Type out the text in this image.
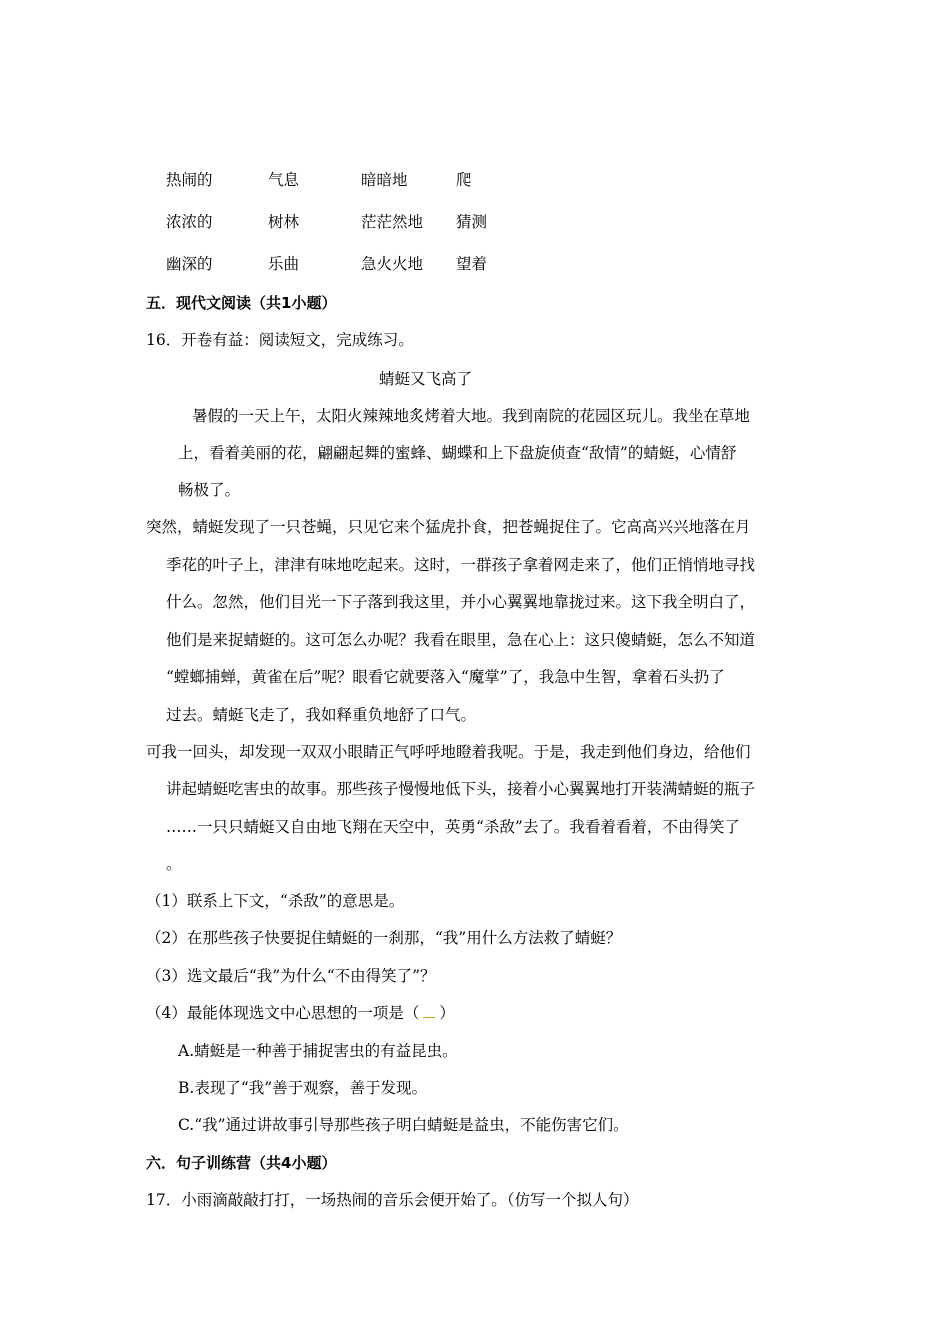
热闹的	气息	暗暗地	爬
浓浓的	树林	茫茫然地 猜测
幽深的	乐曲	急火火地 望着
五．现代文阅读（共1小题）
16．开卷有益：阅读短文，完成练习。
蜻蜓又飞高了
暑假的一天上午，太阳火辣辣地炙烤着大地。我到南院的花园区玩儿。我坐在草地
上，看着美丽的花，翩翩起舞的蜜蜂、蝴蝶和上下盘旋侦查“敌情”的蜻蜓，心情舒
畅极了。
突然，蜻蜓发现了一只苍蝇，只见它来个猛虎扑食，把苍蝇捉住了。它高高兴兴地落在月
季花的叶子上，津津有味地吃起来。这时，一群孩子拿着网走来了，他们正悄悄地寻找
什么。忽然，他们目光一下子落到我这里，并小心翼翼地靠拢过来。这下我全明白了，
他们是来捉蜻蜓的。这可怎么办呢？我看在眼里，急在心上：这只傻蜻蜓，怎么不知道
“螳螂捕蝉，黄雀在后”呢？眼看它就要落入“魔掌”了，我急中生智，拿着石头扔了
过去。蜻蜓飞走了，我如释重负地舒了口气。
可我一回头，却发现一双双小眼睛正气呼呼地瞪着我呢。于是，我走到他们身边，给他们
讲起蜻蜓吃害虫的故事。那些孩子慢慢地低下头，接着小心翼翼地打开装满蜻蜓的瓶子
……一只只蜻蜓又自由地飞翔在天空中，英勇“杀敌”去了。我看着看着，不由得笑了
。
（1）联系上下文，“杀敌”的意思是。
（2）在那些孩子快要捉住蜻蜓的一刹那，“我”用什么方法救了蜻蜓？
（3）选文最后“我”为什么“不由得笑了”？
（4）最能体现选文中心思想的一项是（ ）
A.蜻蜓是一种善于捕捉害虫的有益昆虫。
B.表现了“我”善于观察，善于发现。
C.“我”通过讲故事引导那些孩子明白蜻蜓是益虫，不能伤害它们。
六．句子训练营（共4小题）
17．小雨滴敲敲打打，一场热闹的音乐会便开始了。（仿写一个拟人句）
